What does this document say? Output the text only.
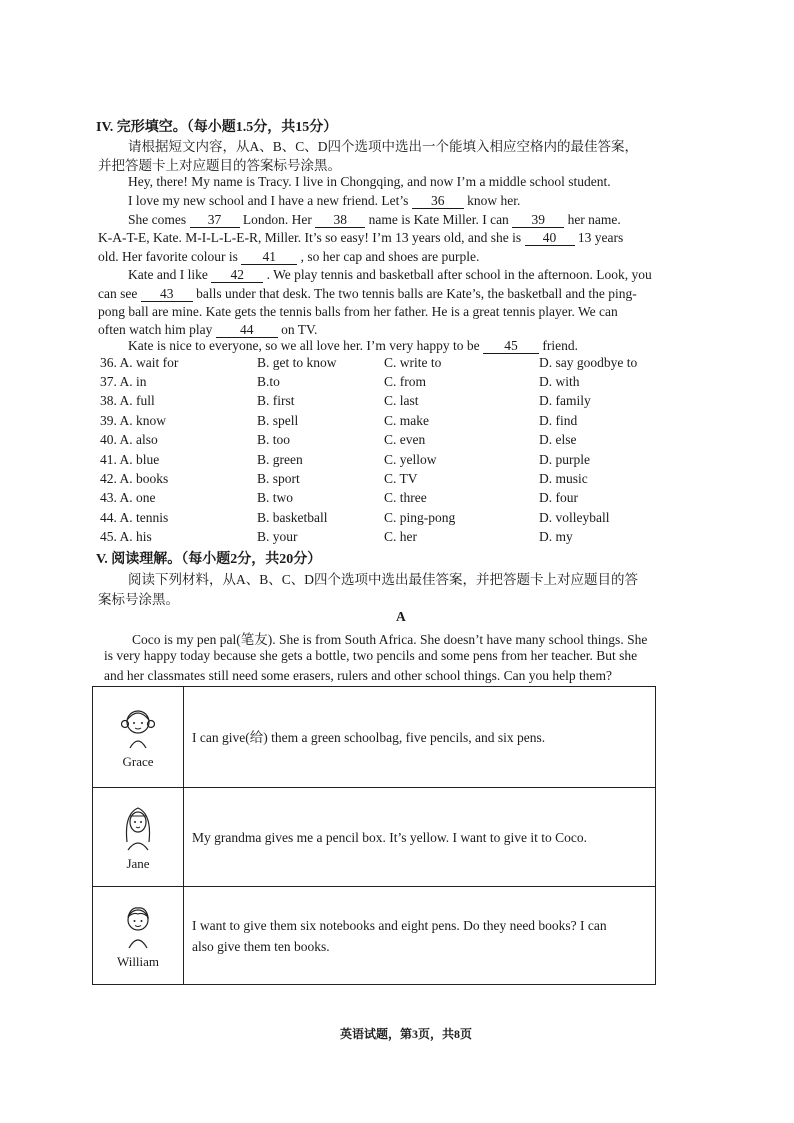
IV. 完形填空。（每小题1.5分，共15分）
请根据短文内容，从A、B、C、D四个选项中选出一个能填入相应空格内的最佳答案，
并把答题卡上对应题目的答案标号涂黑。
Hey, there! My name is Tracy. I live in Chongqing, and now I’m a middle school student.
I love my new school and I have a new friend. Let’s 36 know her.
She comes 37 London. Her 38 name is Kate Miller. I can 39 her name.
K-A-T-E, Kate. M-I-L-L-E-R, Miller. It’s so easy! I’m 13 years old, and she is 40 13 years
old. Her favorite colour is 41 , so her cap and shoes are purple.
Kate and I like 42 . We play tennis and basketball after school in the afternoon. Look, you
can see 43 balls under that desk. The two tennis balls are Kate’s, the basketball and the ping-
pong ball are mine. Kate gets the tennis balls from her father. He is a great tennis player. We can
often watch him play 44 on TV.
Kate is nice to everyone, so we all love her. I’m very happy to be 45 friend.
36. A. wait for	B. get to know	C. write to	D. say goodbye to
37. A. in	B.to	C. from	D. with
38. A. full	B. first	C. last	D. family
39. A. know	B. spell	C. make	D. find
40. A. also	B. too	C. even	D. else
41. A. blue	B. green	C. yellow	D. purple
42. A. books	B. sport	C. TV	D. music
43. A. one	B. two	C. three	D. four
44. A. tennis	B. basketball	C. ping-pong	D. volleyball
45. A. his	B. your	C. her	D. my
V. 阅读理解。（每小题2分，共20分）
阅读下列材料，从A、B、C、D四个选项中选出最佳答案，并把答题卡上对应题目的答
案标号涂黑。
A
Coco is my pen pal(笔友). She is from South Africa. She doesn’t have many school things. She
is very happy today because she gets a bottle, two pencils and some pens from her teacher. But she
and her classmates still need some erasers, rulers and other school things. Can you help them?
Grace	I can give(给) them a green schoolbag, five pencils, and six pens.

Jane	My grandma gives me a pencil box. It’s yellow. I want to give it to Coco.

William	I want to give them six notebooks and eight pens. Do they need books? I can
also give them ten books.
英语试题，第3页，共8页
